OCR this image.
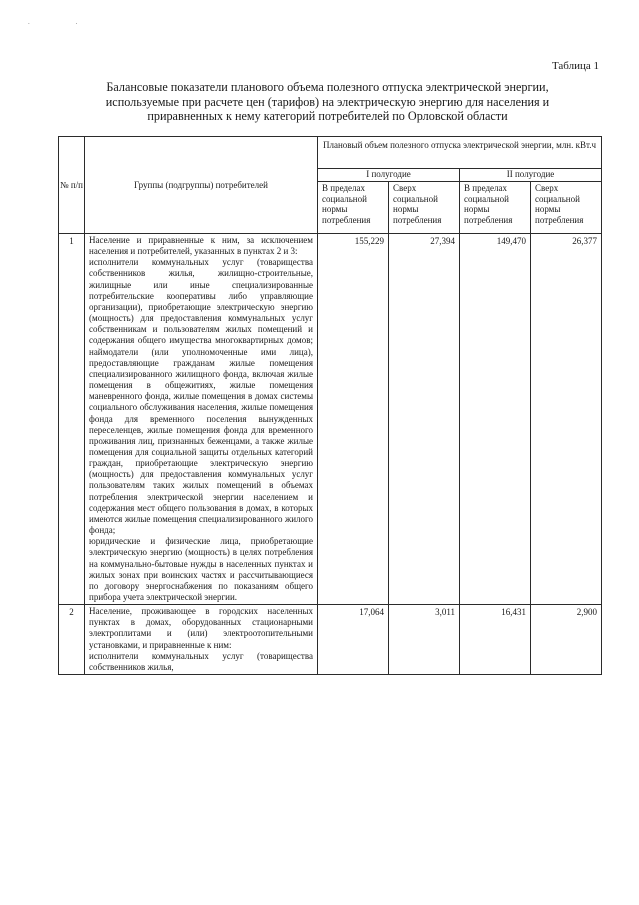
. .
Таблица 1
Балансовые показатели планового объема полезного отпуска электрической энергии, используемые при расчете цен (тарифов) на электрическую энергию для населения и приравненных к нему категорий потребителей по Орловской области
№ п/п	Группы (подгруппы) потребителей	Плановый объем полезного отпуска электрической энергии, млн. кВт.ч			
		I полугодие		II полугодие	
		В пределах социальной нормы потребления	Сверх социальной нормы потребления	В пределах социальной нормы потребления	Сверх социальной нормы потребления
1	Население и приравненные к ним, за исключением населения и потребителей, указанных в пунктах 2 и 3:

исполнители коммунальных услуг (товарищества собственников жилья, жилищно-строительные, жилищные или иные специализированные потребительские кооперативы либо управляющие организации), приобретающие электрическую энергию (мощность) для предоставления коммунальных услуг собственникам и пользователям жилых помещений и содержания общего имущества многоквартирных домов; наймодатели (или уполномоченные ими лица), предоставляющие гражданам жилые помещения специализированного жилищного фонда, включая жилые помещения в общежитиях, жилые помещения маневренного фонда, жилые помещения в домах системы социального обслуживания населения, жилые помещения фонда для временного поселения вынужденных переселенцев, жилые помещения фонда для временного проживания лиц, признанных беженцами, а также жилые помещения для социальной защиты отдельных категорий граждан, приобретающие электрическую энергию (мощность) для предоставления коммунальных услуг пользователям таких жилых помещений в объемах потребления электрической энергии населением и содержания мест общего пользования в домах, в которых имеются жилые помещения специализированного жилого фонда;

юридические и физические лица, приобретающие электрическую энергию (мощность) в целях потребления на коммунально-бытовые нужды в населенных пунктах и жилых зонах при воинских частях и рассчитывающиеся по договору энергоснабжения по показаниям общего прибора учета электрической энергии.	155,229	27,394	149,470	26,377
2	Население, проживающее в городских населенных пунктах в домах, оборудованных стационарными электроплитами и (или) электроотопительными установками, и приравненные к ним:

исполнители коммунальных услуг (товарищества собственников жилья,	17,064	3,011	16,431	2,900
